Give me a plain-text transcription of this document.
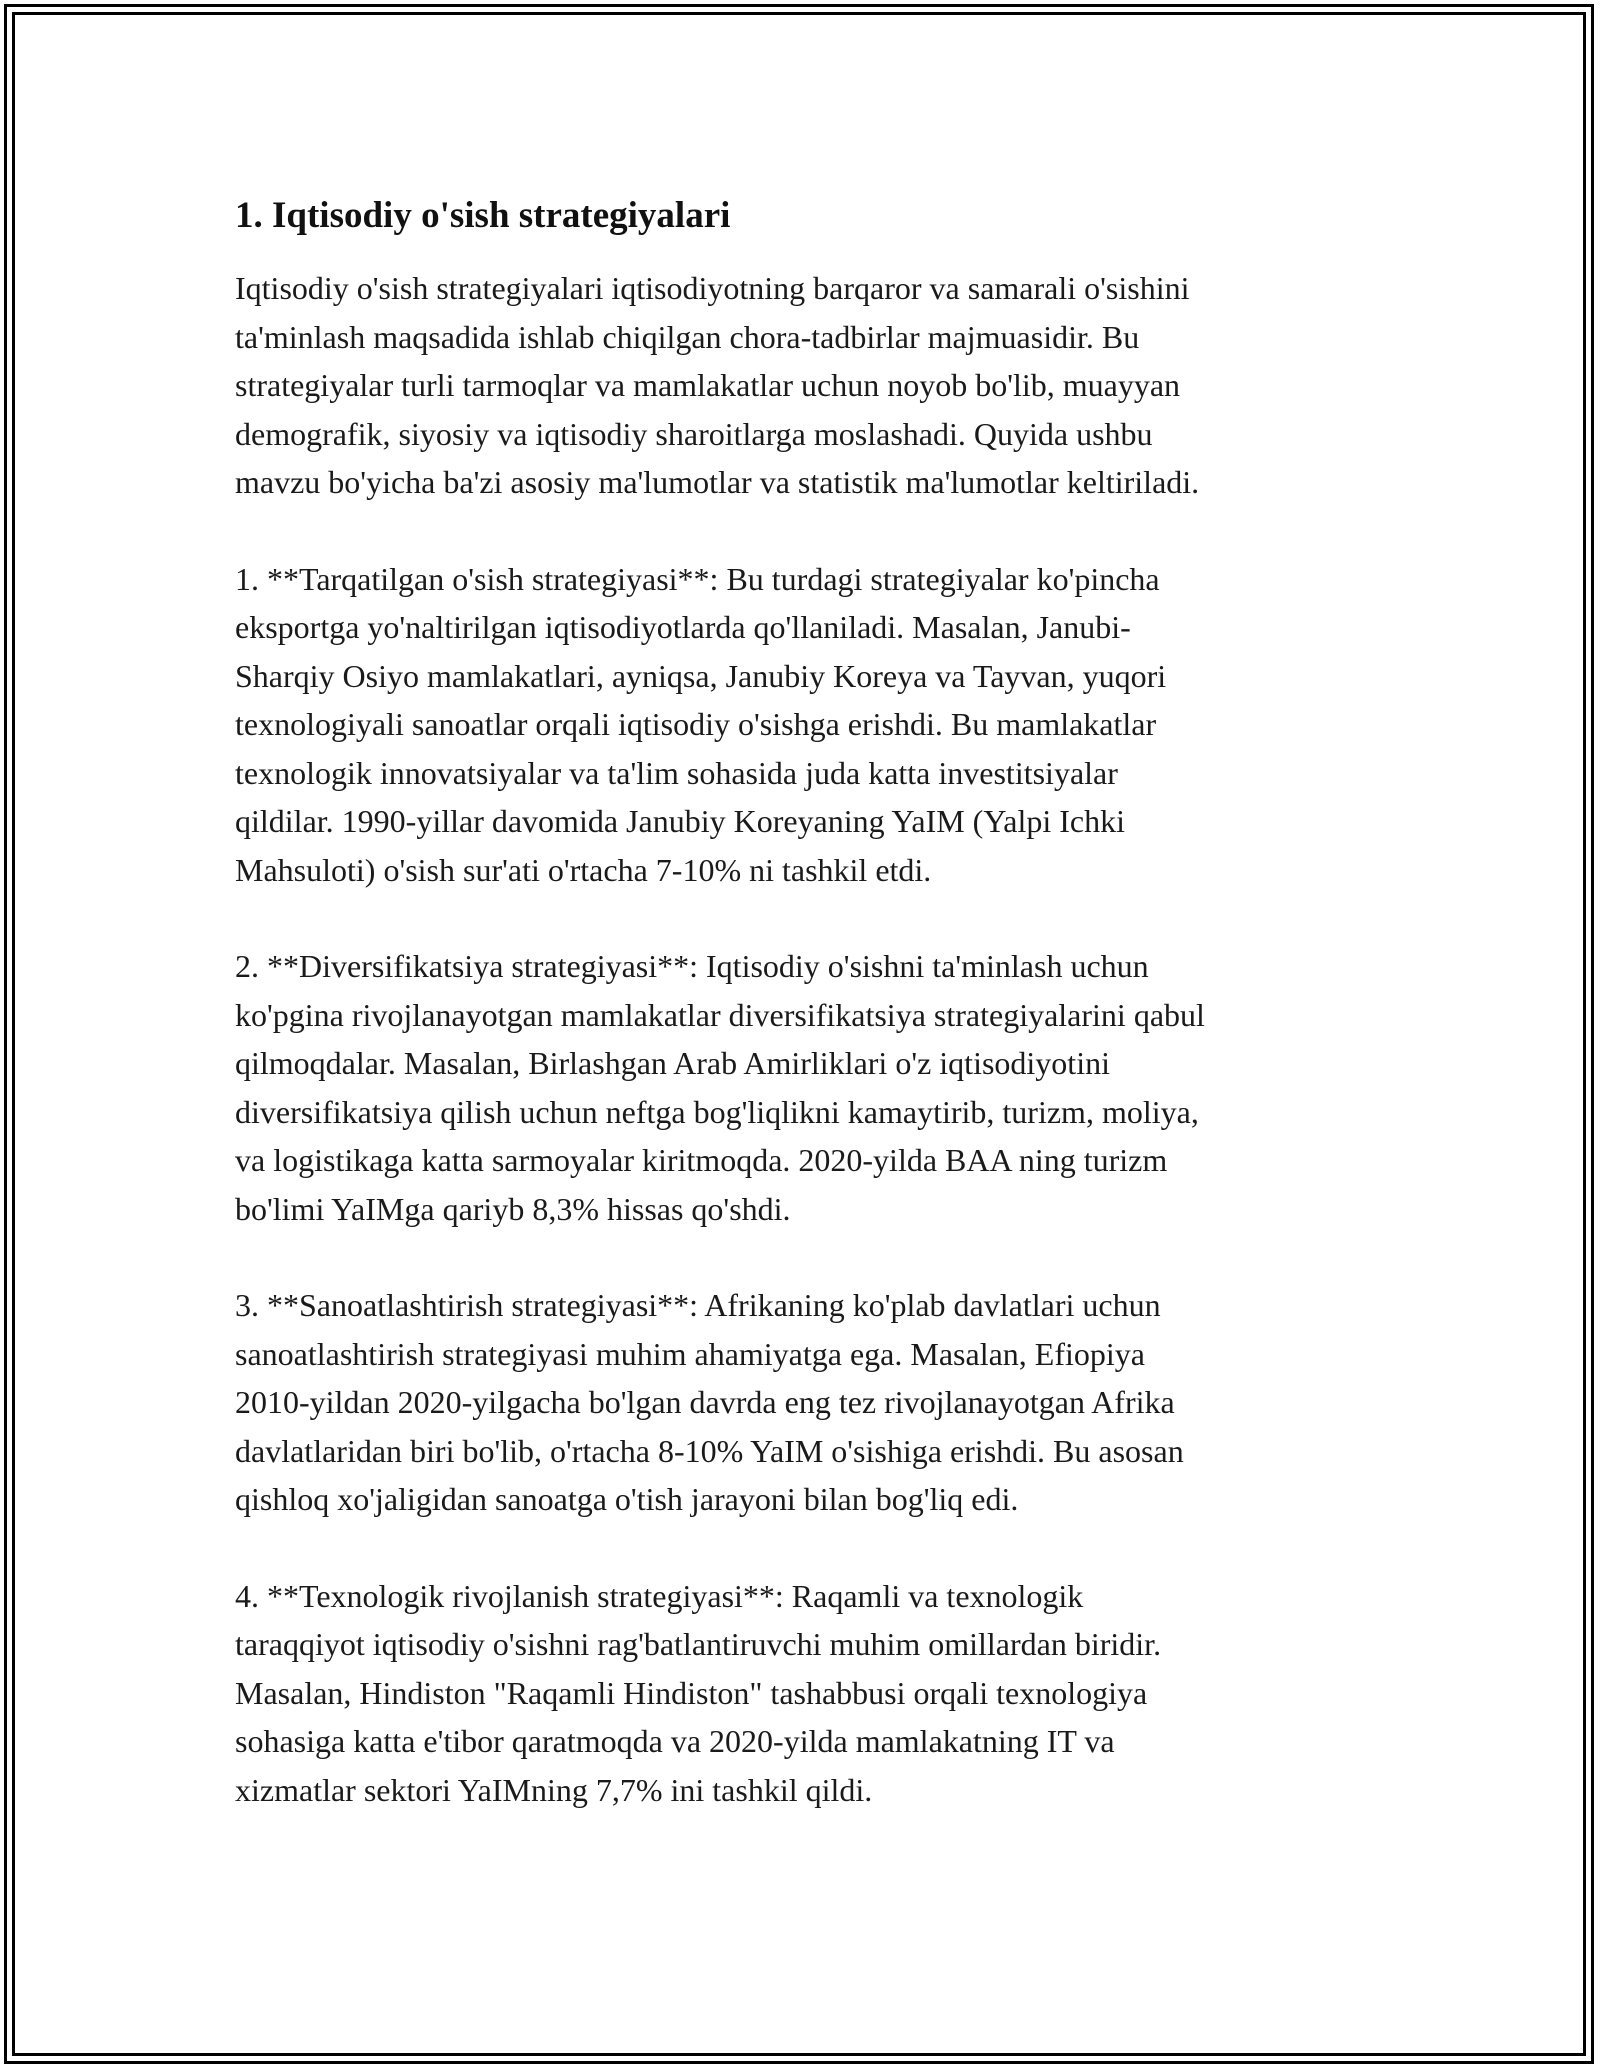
1. Iqtisodiy o'sish strategiyalari

Iqtisodiy o'sish strategiyalari iqtisodiyotning barqaror va samarali o'sishini
ta'minlash maqsadida ishlab chiqilgan chora-tadbirlar majmuasidir. Bu
strategiyalar turli tarmoqlar va mamlakatlar uchun noyob bo'lib, muayyan
demografik, siyosiy va iqtisodiy sharoitlarga moslashadi. Quyida ushbu
mavzu bo'yicha ba'zi asosiy ma'lumotlar va statistik ma'lumotlar keltiriladi.

1. **Tarqatilgan o'sish strategiyasi**: Bu turdagi strategiyalar ko'pincha
eksportga yo'naltirilgan iqtisodiyotlarda qo'llaniladi. Masalan, Janubi-
Sharqiy Osiyo mamlakatlari, ayniqsa, Janubiy Koreya va Tayvan, yuqori
texnologiyali sanoatlar orqali iqtisodiy o'sishga erishdi. Bu mamlakatlar
texnologik innovatsiyalar va ta'lim sohasida juda katta investitsiyalar
qildilar. 1990-yillar davomida Janubiy Koreyaning YaIM (Yalpi Ichki
Mahsuloti) o'sish sur'ati o'rtacha 7-10% ni tashkil etdi.

2. **Diversifikatsiya strategiyasi**: Iqtisodiy o'sishni ta'minlash uchun
ko'pgina rivojlanayotgan mamlakatlar diversifikatsiya strategiyalarini qabul
qilmoqdalar. Masalan, Birlashgan Arab Amirliklari o'z iqtisodiyotini
diversifikatsiya qilish uchun neftga bog'liqlikni kamaytirib, turizm, moliya,
va logistikaga katta sarmoyalar kiritmoqda. 2020-yilda BAA ning turizm
bo'limi YaIMga qariyb 8,3% hissas qo'shdi.

3. **Sanoatlashtirish strategiyasi**: Afrikaning ko'plab davlatlari uchun
sanoatlashtirish strategiyasi muhim ahamiyatga ega. Masalan, Efiopiya
2010-yildan 2020-yilgacha bo'lgan davrda eng tez rivojlanayotgan Afrika
davlatlaridan biri bo'lib, o'rtacha 8-10% YaIM o'sishiga erishdi. Bu asosan
qishloq xo'jaligidan sanoatga o'tish jarayoni bilan bog'liq edi.

4. **Texnologik rivojlanish strategiyasi**: Raqamli va texnologik
taraqqiyot iqtisodiy o'sishni rag'batlantiruvchi muhim omillardan biridir.
Masalan, Hindiston "Raqamli Hindiston" tashabbusi orqali texnologiya
sohasiga katta e'tibor qaratmoqda va 2020-yilda mamlakatning IT va
xizmatlar sektori YaIMning 7,7% ini tashkil qildi.
